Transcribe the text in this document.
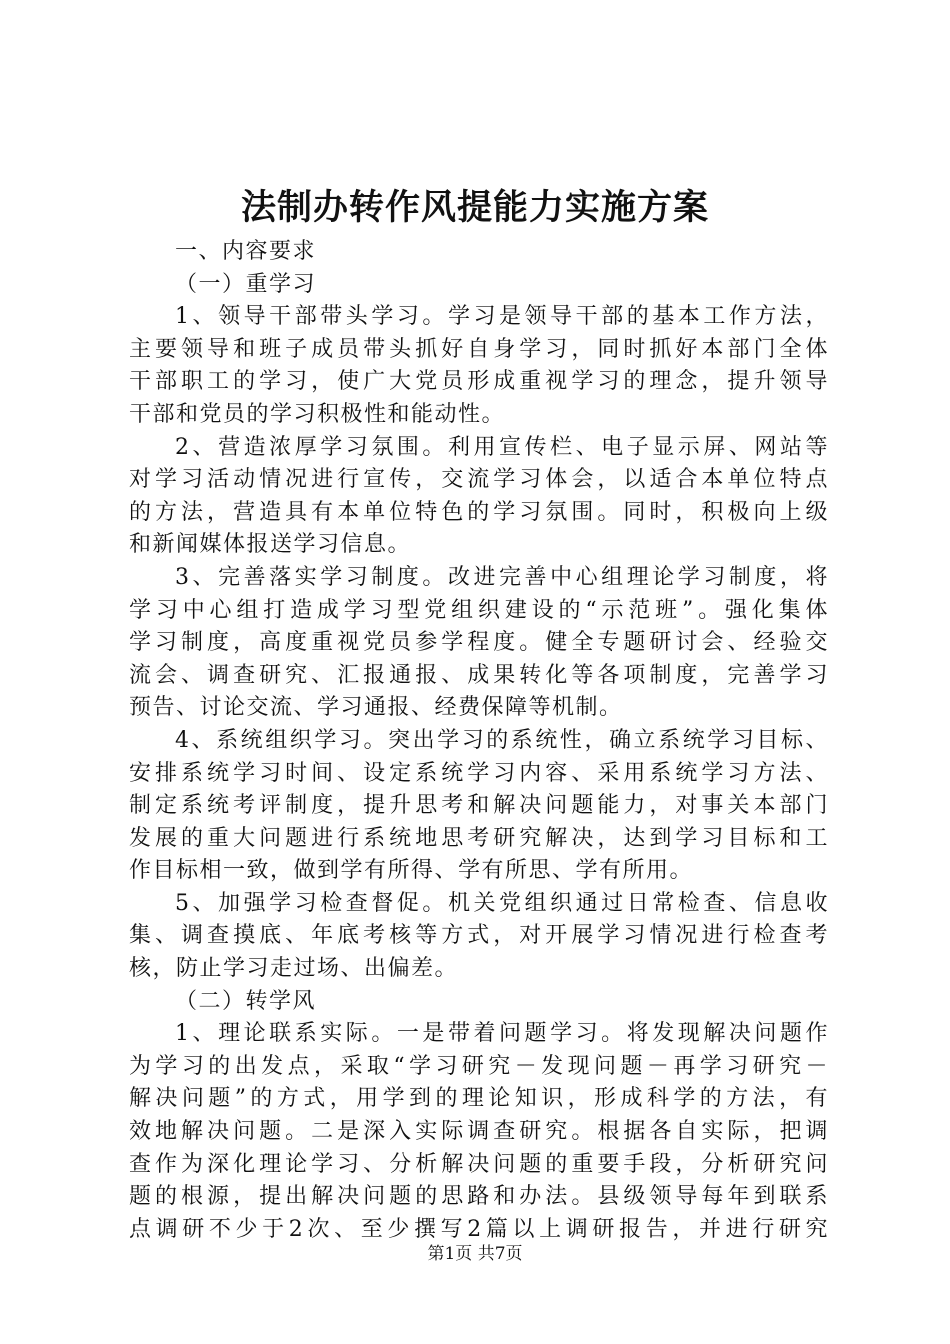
法制办转作风提能力实施方案
一、内容要求
（一）重学习
1、领导干部带头学习。学习是领导干部的基本工作方法，
主要领导和班子成员带头抓好自身学习，同时抓好本部门全体
干部职工的学习，使广大党员形成重视学习的理念，提升领导
干部和党员的学习积极性和能动性。
2、营造浓厚学习氛围。利用宣传栏、电子显示屏、网站等
对学习活动情况进行宣传，交流学习体会，以适合本单位特点
的方法，营造具有本单位特色的学习氛围。同时，积极向上级
和新闻媒体报送学习信息。
3、完善落实学习制度。改进完善中心组理论学习制度，将
学习中心组打造成学习型党组织建设的“示范班”。强化集体
学习制度，高度重视党员参学程度。健全专题研讨会、经验交
流会、调查研究、汇报通报、成果转化等各项制度，完善学习
预告、讨论交流、学习通报、经费保障等机制。
4、系统组织学习。突出学习的系统性，确立系统学习目标、
安排系统学习时间、设定系统学习内容、采用系统学习方法、
制定系统考评制度，提升思考和解决问题能力，对事关本部门
发展的重大问题进行系统地思考研究解决，达到学习目标和工
作目标相一致，做到学有所得、学有所思、学有所用。
5、加强学习检查督促。机关党组织通过日常检查、信息收
集、调查摸底、年底考核等方式，对开展学习情况进行检查考
核，防止学习走过场、出偏差。
（二）转学风
1、理论联系实际。一是带着问题学习。将发现解决问题作
为学习的出发点，采取“学习研究－发现问题－再学习研究－
解决问题”的方式，用学到的理论知识，形成科学的方法，有
效地解决问题。二是深入实际调查研究。根据各自实际，把调
查作为深化理论学习、分析解决问题的重要手段，分析研究问
题的根源，提出解决问题的思路和办法。县级领导每年到联系
点调研不少于2次、至少撰写2篇以上调研报告，并进行研究
第1页 共7页
